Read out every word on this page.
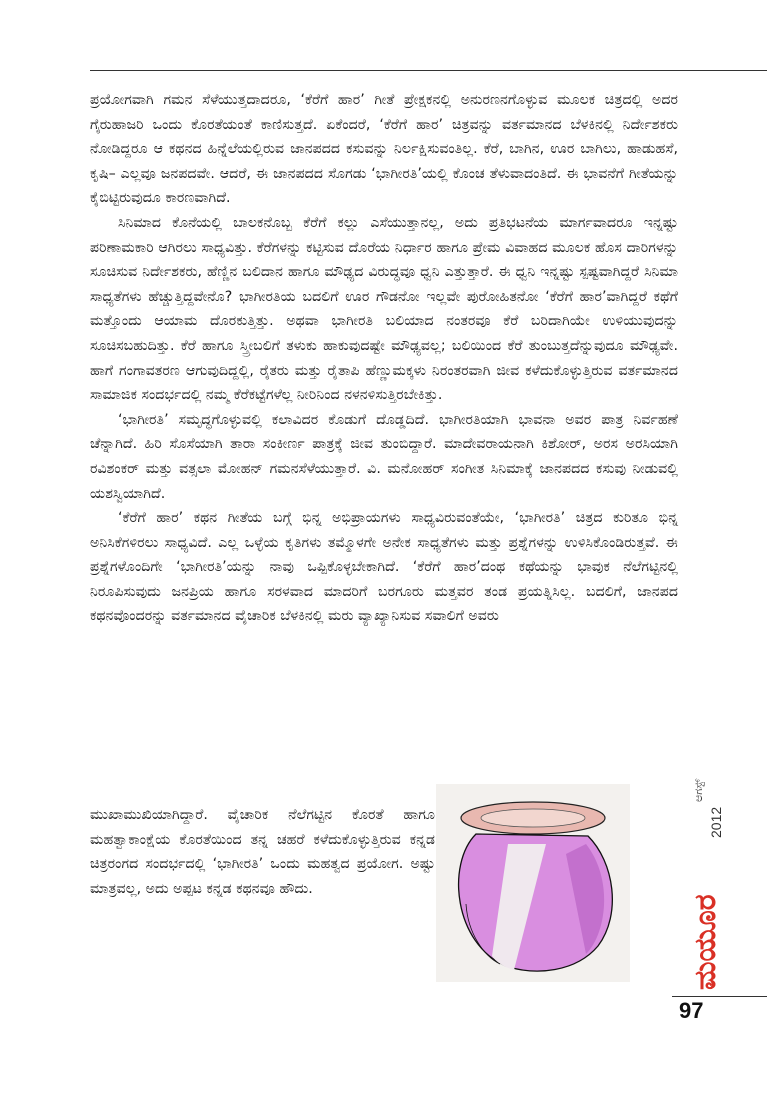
ಪ್ರಯೋಗವಾಗಿ ಗಮನ ಸೆಳೆಯುತ್ತದಾದರೂ, ‘ಕೆರೆಗೆ ಹಾರ’ ಗೀತೆ ಪ್ರೇಕ್ಷಕನಲ್ಲಿ ಅನುರಣನಗೊಳ್ಳುವ ಮೂಲಕ ಚಿತ್ರದಲ್ಲಿ ಅದರ ಗೈರುಹಾಜರಿ ಒಂದು ಕೊರತೆಯಂತೆ ಕಾಣಿಸುತ್ತದೆ. ಏಕೆಂದರೆ, ‘ಕೆರೆಗೆ ಹಾರ’ ಚಿತ್ರವನ್ನು ವರ್ತಮಾನದ ಬೆಳಕಿನಲ್ಲಿ ನಿರ್ದೇಶಕರು ನೋಡಿದ್ದರೂ ಆ ಕಥನದ ಹಿನ್ನೆಲೆಯಲ್ಲಿರುವ ಜಾನಪದದ ಕಸುವನ್ನು ನಿರ್ಲಕ್ಷಿಸುವಂತಿಲ್ಲ. ಕೆರೆ, ಬಾಗಿನ, ಊರ ಬಾಗಿಲು, ಹಾಡುಹಸೆ, ಕೃಷಿ– ಎಲ್ಲವೂ ಜನಪದವೇ. ಆದರೆ, ಈ ಜಾನಪದದ ಸೊಗಡು ‘ಭಾಗೀರತಿ’ಯಲ್ಲಿ ಕೊಂಚ ತೆಳುವಾದಂತಿದೆ. ಈ ಭಾವನೆಗೆ ಗೀತೆಯನ್ನು ಕೈಬಿಟ್ಟಿರುವುದೂ ಕಾರಣವಾಗಿದೆ.

ಸಿನಿಮಾದ ಕೊನೆಯಲ್ಲಿ ಬಾಲಕನೊಬ್ಬ ಕೆರೆಗೆ ಕಲ್ಲು ಎಸೆಯುತ್ತಾನಲ್ಲ, ಅದು ಪ್ರತಿಭಟನೆಯ ಮಾರ್ಗವಾದರೂ ಇನ್ನಷ್ಟು ಪರಿಣಾಮಕಾರಿ ಆಗಿರಲು ಸಾಧ್ಯವಿತ್ತು. ಕೆರೆಗಳನ್ನು ಕಟ್ಟಿಸುವ ದೊರೆಯ ನಿರ್ಧಾರ ಹಾಗೂ ಪ್ರೇಮ ವಿವಾಹದ ಮೂಲಕ ಹೊಸ ದಾರಿಗಳನ್ನು ಸೂಚಿಸುವ ನಿರ್ದೇಶಕರು, ಹೆಣ್ಣಿನ ಬಲಿದಾನ ಹಾಗೂ ಮೌಢ್ಯದ ವಿರುದ್ಧವೂ ಧ್ವನಿ ಎತ್ತುತ್ತಾರೆ. ಈ ಧ್ವನಿ ಇನ್ನಷ್ಟು ಸ್ಪಷ್ಟವಾಗಿದ್ದರೆ ಸಿನಿಮಾ ಸಾಧ್ಯತೆಗಳು ಹೆಚ್ಚುತ್ತಿದ್ದವೇನೊ? ಭಾಗೀರತಿಯ ಬದಲಿಗೆ ಊರ ಗೌಡನೋ ಇಲ್ಲವೇ ಪುರೋಹಿತನೋ ‘ಕೆರೆಗೆ ಹಾರ’ವಾಗಿದ್ದರೆ ಕಥೆಗೆ ಮತ್ತೊಂದು ಆಯಾಮ ದೊರಕುತ್ತಿತ್ತು. ಅಥವಾ ಭಾಗೀರತಿ ಬಲಿಯಾದ ನಂತರವೂ ಕೆರೆ ಬರಿದಾಗಿಯೇ ಉಳಿಯುವುದನ್ನು ಸೂಚಿಸಬಹುದಿತ್ತು. ಕೆರೆ ಹಾಗೂ ಸ್ತ್ರೀಬಲಿಗೆ ತಳುಕು ಹಾಕುವುದಷ್ಟೇ ಮೌಢ್ಯವಲ್ಲ; ಬಲಿಯಿಂದ ಕೆರೆ ತುಂಬುತ್ತದೆನ್ನುವುದೂ ಮೌಢ್ಯವೇ. ಹಾಗೆ ಗಂಗಾವತರಣ ಆಗುವುದಿದ್ದಲ್ಲಿ, ರೈತರು ಮತ್ತು ರೈತಾಪಿ ಹೆಣ್ಣುಮಕ್ಕಳು ನಿರಂತರವಾಗಿ ಜೀವ ಕಳೆದುಕೊಳ್ಳುತ್ತಿರುವ ವರ್ತಮಾನದ ಸಾಮಾಜಿಕ ಸಂದರ್ಭದಲ್ಲಿ ನಮ್ಮ ಕೆರೆಕಟ್ಟೆಗಳೆಲ್ಲ ನೀರಿನಿಂದ ನಳನಳಿಸುತ್ತಿರಬೇಕಿತ್ತು.

‘ಭಾಗೀರತಿ’ ಸಮೃದ್ಧಗೊಳ್ಳುವಲ್ಲಿ ಕಲಾವಿದರ ಕೊಡುಗೆ ದೊಡ್ಡದಿದೆ. ಭಾಗೀರತಿಯಾಗಿ ಭಾವನಾ ಅವರ ಪಾತ್ರ ನಿರ್ವಹಣೆ ಚೆನ್ನಾಗಿದೆ. ಹಿರಿ ಸೊಸೆಯಾಗಿ ತಾರಾ ಸಂಕೀರ್ಣ ಪಾತ್ರಕ್ಕೆ ಜೀವ ತುಂಬಿದ್ದಾರೆ. ಮಾದೇವರಾಯನಾಗಿ ಕಿಶೋರ್, ಅರಸ ಅರಸಿಯಾಗಿ ರವಿಶಂಕರ್ ಮತ್ತು ವತ್ಸಲಾ ಮೋಹನ್ ಗಮನಸೆಳೆಯುತ್ತಾರೆ. ವಿ. ಮನೋಹರ್ ಸಂಗೀತ ಸಿನಿಮಾಕ್ಕೆ ಜಾನಪದದ ಕಸುವು ನೀಡುವಲ್ಲಿ ಯಶಸ್ವಿಯಾಗಿದೆ.

‘ಕೆರೆಗೆ ಹಾರ’ ಕಥನ ಗೀತೆಯ ಬಗ್ಗೆ ಭಿನ್ನ ಅಭಿಪ್ರಾಯಗಳು ಸಾಧ್ಯವಿರುವಂತೆಯೇ, ‘ಭಾಗೀರತಿ’ ಚಿತ್ರದ ಕುರಿತೂ ಭಿನ್ನ ಅನಿಸಿಕೆಗಳಿರಲು ಸಾಧ್ಯವಿದೆ. ಎಲ್ಲ ಒಳ್ಳೆಯ ಕೃತಿಗಳು ತಮ್ಮೊಳಗೇ ಅನೇಕ ಸಾಧ್ಯತೆಗಳು ಮತ್ತು ಪ್ರಶ್ನೆಗಳನ್ನು ಉಳಿಸಿಕೊಂಡಿರುತ್ತವೆ. ಈ ಪ್ರಶ್ನೆಗಳೊಂದಿಗೇ ‘ಭಾಗೀರತಿ’ಯನ್ನು ನಾವು ಒಪ್ಪಿಕೊಳ್ಳಬೇಕಾಗಿದೆ. ‘ಕೆರೆಗೆ ಹಾರ’ದಂಥ ಕಥೆಯನ್ನು ಭಾವುಕ ನೆಲೆಗಟ್ಟಿನಲ್ಲಿ ನಿರೂಪಿಸುವುದು ಜನಪ್ರಿಯ ಹಾಗೂ ಸರಳವಾದ ಮಾದರಿಗೆ ಬರಗೂರು ಮತ್ತವರ ತಂಡ ಪ್ರಯತ್ನಿಸಿಲ್ಲ. ಬದಲಿಗೆ, ಜಾನಪದ ಕಥನವೊಂದರನ್ನು ವರ್ತಮಾನದ ವೈಚಾರಿಕ ಬೆಳಕಿನಲ್ಲಿ ಮರು ವ್ಯಾಖ್ಯಾನಿಸುವ ಸವಾಲಿಗೆ ಅವರು

ಮುಖಾಮುಖಿಯಾಗಿದ್ದಾರೆ. ವೈಚಾರಿಕ ನೆಲೆಗಟ್ಟಿನ ಕೊರತೆ ಹಾಗೂ ಮಹತ್ವಾಕಾಂಕ್ಷೆಯ ಕೊರತೆಯಿಂದ ತನ್ನ ಚಹರೆ ಕಳೆದುಕೊಳ್ಳುತ್ತಿರುವ ಕನ್ನಡ ಚಿತ್ರರಂಗದ ಸಂದರ್ಭದಲ್ಲಿ ‘ಭಾಗೀರತಿ’ ಒಂದು ಮಹತ್ವದ ಪ್ರಯೋಗ. ಅಷ್ಟು ಮಾತ್ರವಲ್ಲ, ಅದು ಅಪ್ಪಟ ಕನ್ನಡ ಕಥನವೂ ಹೌದು.

ಆಗಸ್ಟ್
2012
ಮಯೂರ
97
